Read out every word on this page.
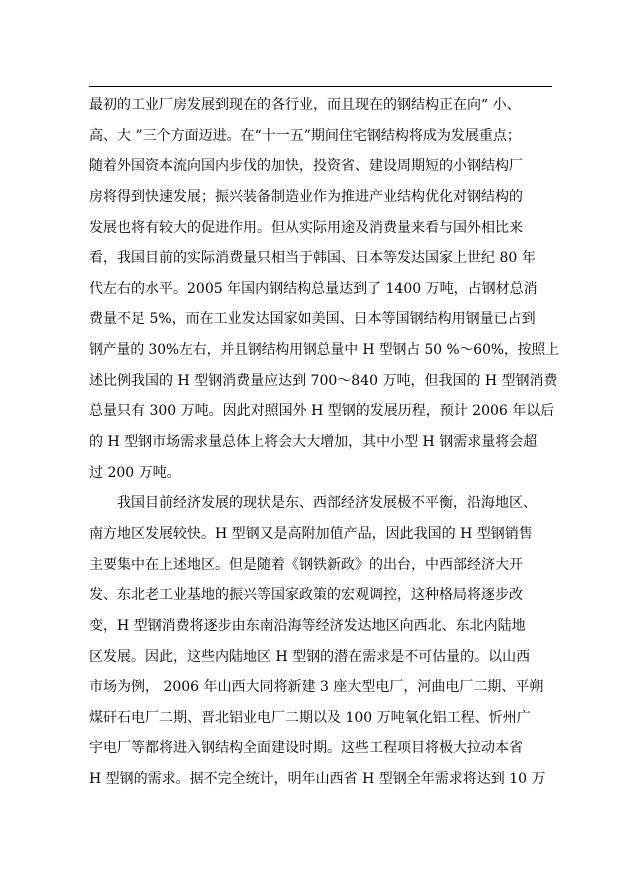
最初的工业厂房发展到现在的各行业，而且现在的钢结构正在向“ 小、
高、大 ”三个方面迈进。在“十一五”期间住宅钢结构将成为发展重点；
随着外国资本流向国内步伐的加快，投资省、建设周期短的小钢结构厂
房将得到快速发展；振兴装备制造业作为推进产业结构优化对钢结构的
发展也将有较大的促进作用。但从实际用途及消费量来看与国外相比来
看，我国目前的实际消费量只相当于韩国、日本等发达国家上世纪 80 年
代左右的水平。2005 年国内钢结构总量达到了 1400 万吨，占钢材总消
费量不足 5%，而在工业发达国家如美国、日本等国钢结构用钢量已占到
钢产量的 30%左右，并且钢结构用钢总量中 H 型钢占 50 %～60%，按照上
述比例我国的 H 型钢消费量应达到 700～840 万吨，但我国的 H 型钢消费
总量只有 300 万吨。因此对照国外 H 型钢的发展历程，预计 2006 年以后
的 H 型钢市场需求量总体上将会大大增加，其中小型 H 钢需求量将会超
过 200 万吨。
我国目前经济发展的现状是东、西部经济发展极不平衡，沿海地区、
南方地区发展较快。H 型钢又是高附加值产品，因此我国的 H 型钢销售
主要集中在上述地区。但是随着《钢铁新政》的出台，中西部经济大开
发、东北老工业基地的振兴等国家政策的宏观调控，这种格局将逐步改
变，H 型钢消费将逐步由东南沿海等经济发达地区向西北、东北内陆地
区发展。因此，这些内陆地区 H 型钢的潜在需求是不可估量的。以山西
市场为例， 2006 年山西大同将新建 3 座大型电厂，河曲电厂二期、平朔
煤矸石电厂二期、晋北铝业电厂二期以及 100 万吨氧化铝工程、忻州广
宇电厂等都将进入钢结构全面建设时期。这些工程项目将极大拉动本省
H 型钢的需求。据不完全统计，明年山西省 H 型钢全年需求将达到 10 万
